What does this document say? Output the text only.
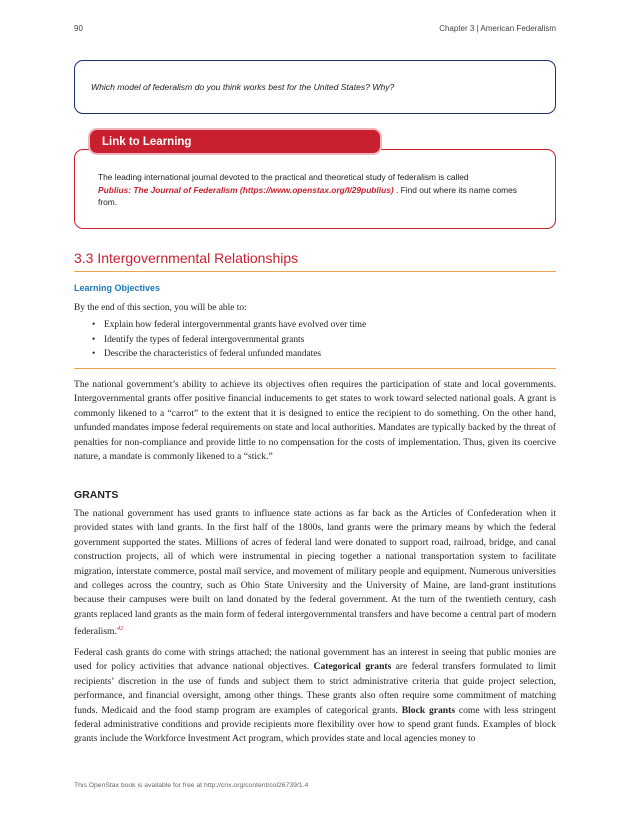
90	Chapter 3 | American Federalism

Which model of federalism do you think works best for the United States? Why?

The leading international journal devoted to the practical and theoretical study of federalism is called
Publius: The Journal of Federalism (https://www.openstax.org/l/29publius) . Find out where its name comes from.
Link to Learning
3.3 Intergovernmental Relationships
Learning Objectives
By the end of this section, you will be able to:
• Explain how federal intergovernmental grants have evolved over time
• Identify the types of federal intergovernmental grants
• Describe the characteristics of federal unfunded mandates

The national government’s ability to achieve its objectives often requires the participation of state and local governments. Intergovernmental grants offer positive financial inducements to get states to work toward selected national goals. A grant is commonly likened to a “carrot” to the extent that it is designed to entice the recipient to do something. On the other hand, unfunded mandates impose federal requirements on state and local authorities. Mandates are typically backed by the threat of penalties for non-compliance and provide little to no compensation for the costs of implementation. Thus, given its coercive nature, a mandate is commonly likened to a “stick.”

GRANTS

The national government has used grants to influence state actions as far back as the Articles of Confederation when it provided states with land grants. In the first half of the 1800s, land grants were the primary means by which the federal government supported the states. Millions of acres of federal land were donated to support road, railroad, bridge, and canal construction projects, all of which were instrumental in piecing together a national transportation system to facilitate migration, interstate commerce, postal mail service, and movement of military people and equipment. Numerous universities and colleges across the country, such as Ohio State University and the University of Maine, are land-grant institutions because their campuses were built on land donated by the federal government. At the turn of the twentieth century, cash grants replaced land grants as the main form of federal intergovernmental transfers and have become a central part of modern federalism.$^{42}$

Federal cash grants do come with strings attached; the national government has an interest in seeing that public monies are used for policy activities that advance national objectives. Categorical grants are federal transfers formulated to limit recipients’ discretion in the use of funds and subject them to strict administrative criteria that guide project selection, performance, and financial oversight, among other things. These grants also often require some commitment of matching funds. Medicaid and the food stamp program are examples of categorical grants. Block grants come with less stringent federal administrative conditions and provide recipients more flexibility over how to spend grant funds. Examples of block grants include the Workforce Investment Act program, which provides state and local agencies money to

This OpenStax book is available for free at http://cnx.org/content/col26739/1.4
